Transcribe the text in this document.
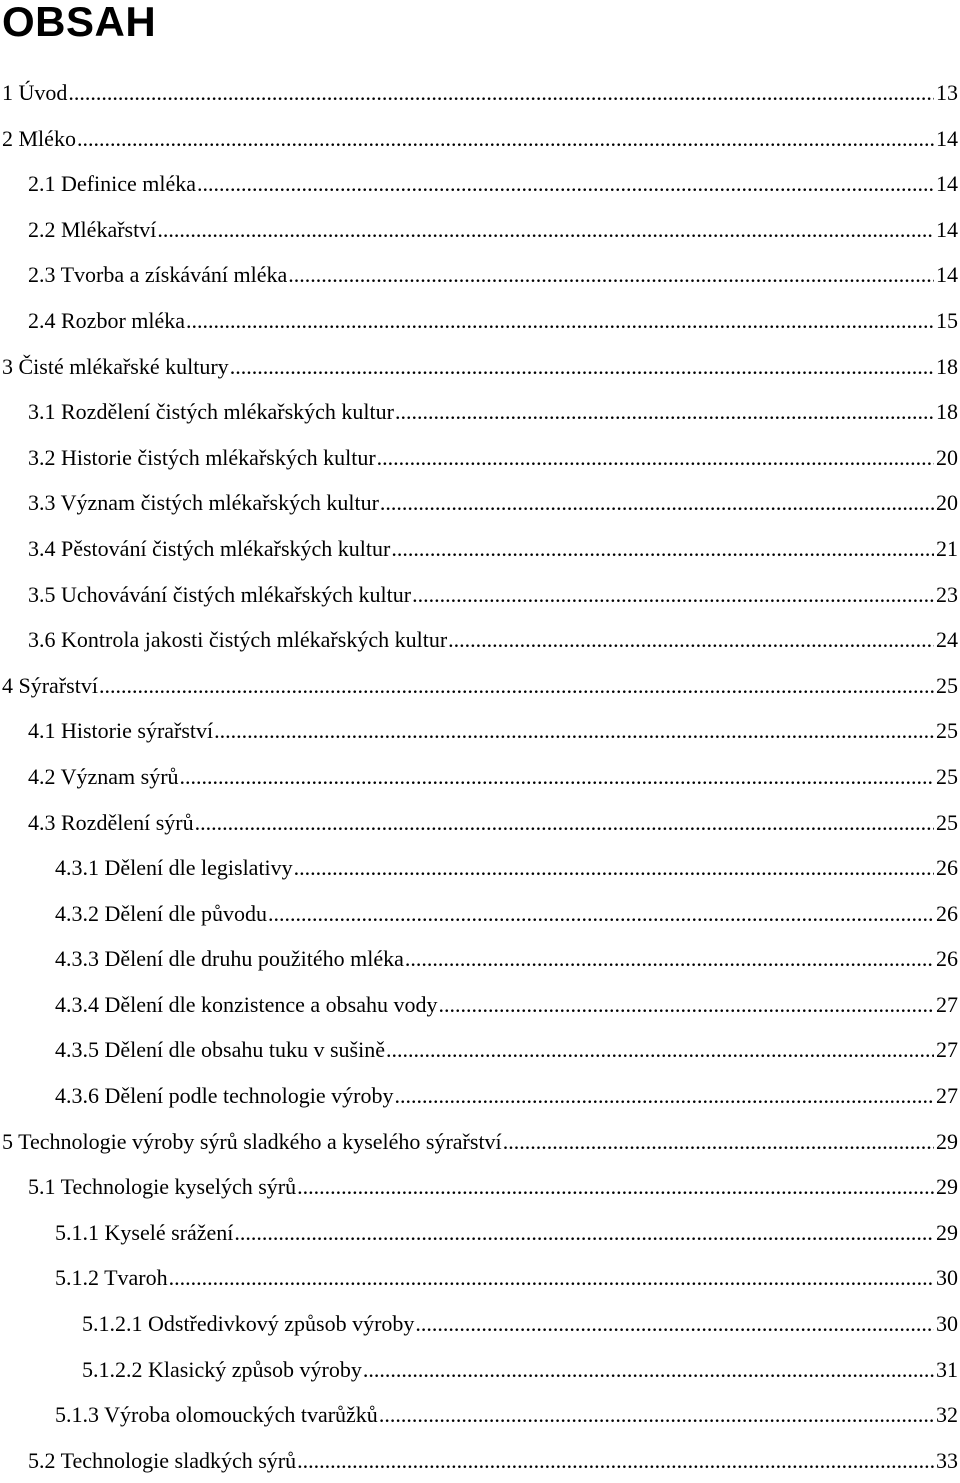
OBSAH
1 Úvod .....	13
2 Mléko .....	14
2.1 Definice mléka .....	14
2.2 Mlékařství .....	14
2.3 Tvorba a získávání mléka .....	14
2.4 Rozbor mléka .....	15
3 Čisté mlékařské kultury .....	18
3.1 Rozdělení čistých mlékařských kultur .....	18
3.2 Historie čistých mlékařských kultur .....	20
3.3 Význam čistých mlékařských kultur .....	20
3.4 Pěstování čistých mlékařských kultur .....	21
3.5 Uchovávání čistých mlékařských kultur .....	23
3.6 Kontrola jakosti čistých mlékařských kultur .....	24
4 Sýrařství .....	25
4.1 Historie sýrařství .....	25
4.2 Význam sýrů .....	25
4.3 Rozdělení sýrů .....	25
4.3.1 Dělení dle legislativy .....	26
4.3.2 Dělení dle původu .....	26
4.3.3 Dělení dle druhu použitého mléka .....	26
4.3.4 Dělení dle konzistence a obsahu vody .....	27
4.3.5 Dělení dle obsahu tuku v sušině .....	27
4.3.6 Dělení podle technologie výroby .....	27
5 Technologie výroby sýrů sladkého a kyselého sýrařství .....	29
5.1 Technologie kyselých sýrů .....	29
5.1.1 Kyselé srážení .....	29
5.1.2 Tvaroh .....	30
5.1.2.1 Odstředivkový způsob výroby .....	30
5.1.2.2 Klasický způsob výroby .....	31
5.1.3 Výroba olomouckých tvarůžků .....	32
5.2 Technologie sladkých sýrů .....	33
